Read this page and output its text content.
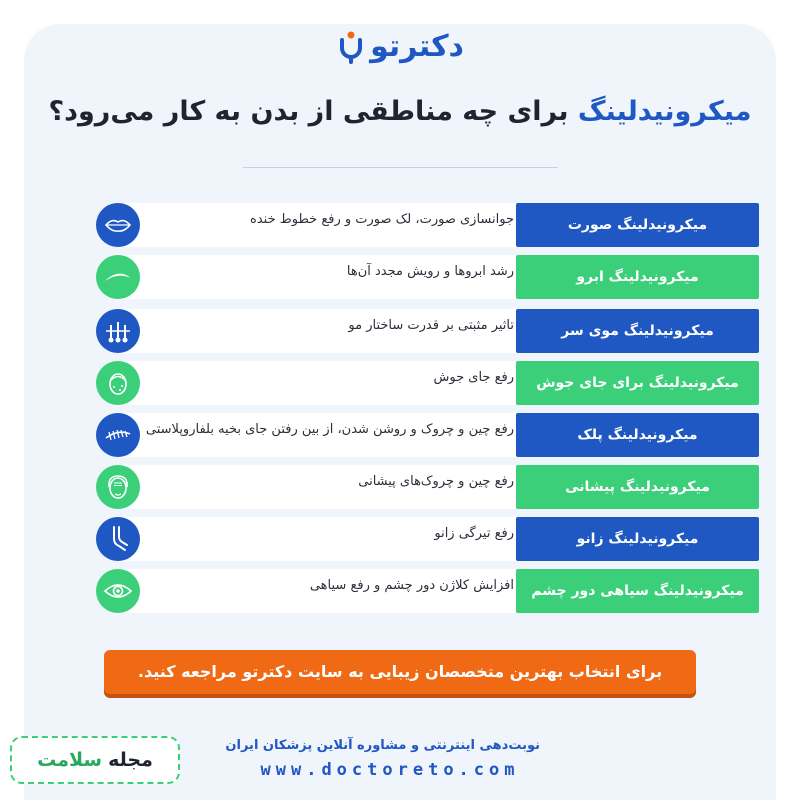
دکترتو
میکرونیدلینگ برای چه مناطقی از بدن به کار می‌رود؟
جوانسازی صورت، لک صورت و رفع خطوط خنده	میکرونیدلینگ صورت
رشد ابروها و رویش مجدد آن‌ها	میکرونیدلینگ ابرو
تاثیر مثبتی بر قدرت ساختار مو	میکرونیدلینگ موی سر
رفع جای جوش	میکرونیدلینگ برای جای جوش
رفع چین و چروک و روشن شدن، از بین رفتن جای بخیه بلفاروپلاستی	میکرونیدلینگ پلک
رفع چین و چروک‌های پیشانی	میکرونیدلینگ پیشانی
رفع تیرگی زانو	میکرونیدلینگ زانو
افزایش کلاژن دور چشم و رفع سیاهی	میکرونیدلینگ سیاهی دور چشم
برای انتخاب بهترین متخصصان زیبایی به سایت دکترتو مراجعه کنید.
نوبت‌دهی اینترنتی و مشاوره آنلاین پزشکان ایران
www.doctoreto.com
مجله
سلامت
